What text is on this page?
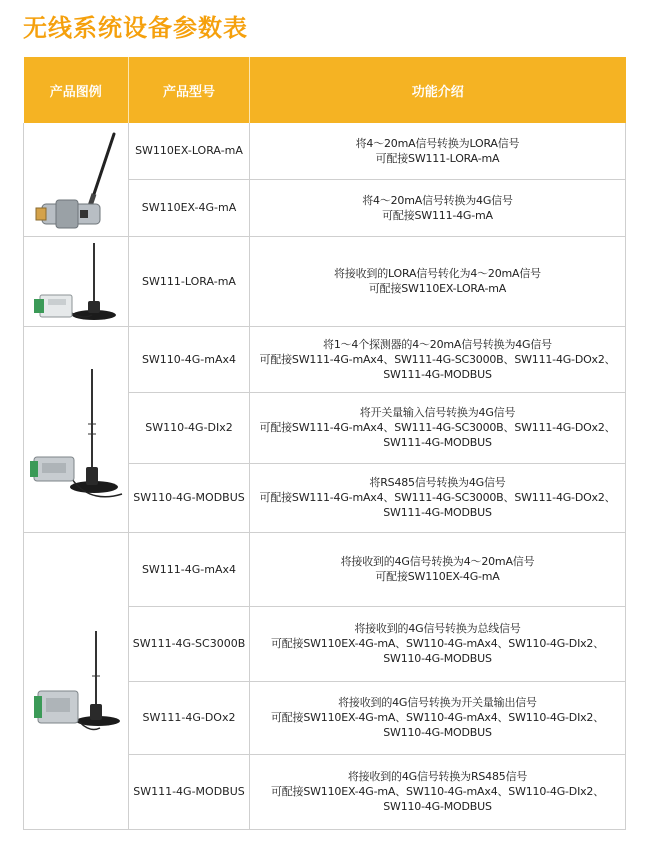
无线系统设备参数表
产品图例	产品型号	功能介绍

	SW110EX-LORA-mA	将4～20mA信号转换为LORA信号
可配接SW111-LORA-mA

	SW110EX-4G-mA	将4～20mA信号转换为4G信号
可配接SW111-4G-mA

	SW111-LORA-mA	将接收到的LORA信号转化为4～20mA信号
可配接SW110EX-LORA-mA

	SW110-4G-mAx4	将1～4个探测器的4～20mA信号转换为4G信号
可配接SW111-4G-mAx4、SW111-4G-SC3000B、SW111-4G-DOx2、
SW111-4G-MODBUS

	SW110-4G-DIx2	将开关量输入信号转换为4G信号
可配接SW111-4G-mAx4、SW111-4G-SC3000B、SW111-4G-DOx2、
SW111-4G-MODBUS

	SW110-4G-MODBUS	将RS485信号转换为4G信号
可配接SW111-4G-mAx4、SW111-4G-SC3000B、SW111-4G-DOx2、
SW111-4G-MODBUS

	SW111-4G-mAx4	将接收到的4G信号转换为4～20mA信号
可配接SW110EX-4G-mA

	SW111-4G-SC3000B	将接收到的4G信号转换为总线信号
可配接SW110EX-4G-mA、SW110-4G-mAx4、SW110-4G-DIx2、
SW110-4G-MODBUS

	SW111-4G-DOx2	将接收到的4G信号转换为开关量输出信号
可配接SW110EX-4G-mA、SW110-4G-mAx4、SW110-4G-DIx2、
SW110-4G-MODBUS

	SW111-4G-MODBUS	将接收到的4G信号转换为RS485信号
可配接SW110EX-4G-mA、SW110-4G-mAx4、SW110-4G-DIx2、
SW110-4G-MODBUS
